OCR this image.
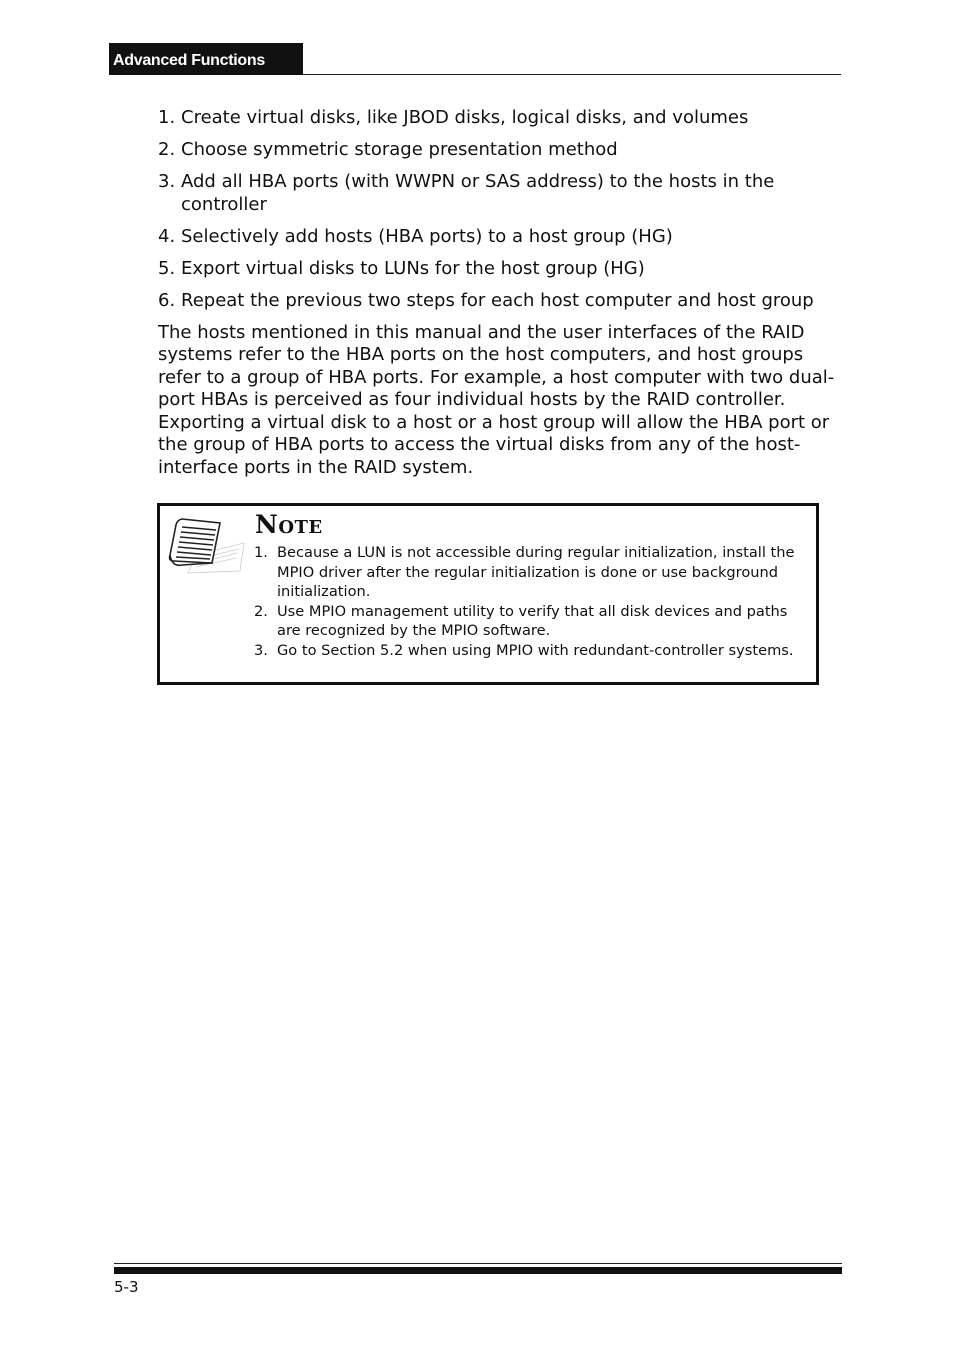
Advanced Functions
1. Create virtual disks, like JBOD disks, logical disks, and volumes
2. Choose symmetric storage presentation method
3. Add all HBA ports (with WWPN or SAS address) to the hosts in the controller
4. Selectively add hosts (HBA ports) to a host group (HG)
5. Export virtual disks to LUNs for the host group (HG)
6. Repeat the previous two steps for each host computer and host group

The hosts mentioned in this manual and the user interfaces of the RAID systems refer to the HBA ports on the host computers, and host groups refer to a group of HBA ports. For example, a host computer with two dual-port HBAs is perceived as four individual hosts by the RAID controller. Exporting a virtual disk to a host or a host group will allow the HBA port or the group of HBA ports to access the virtual disks from any of the host-interface ports in the RAID system.

Note
1. Because a LUN is not accessible during regular initialization, install the MPIO driver after the regular initialization is done or use background initialization.
2. Use MPIO management utility to verify that all disk devices and paths are recognized by the MPIO software.
3. Go to Section 5.2 when using MPIO with redundant-controller systems.
5-3
